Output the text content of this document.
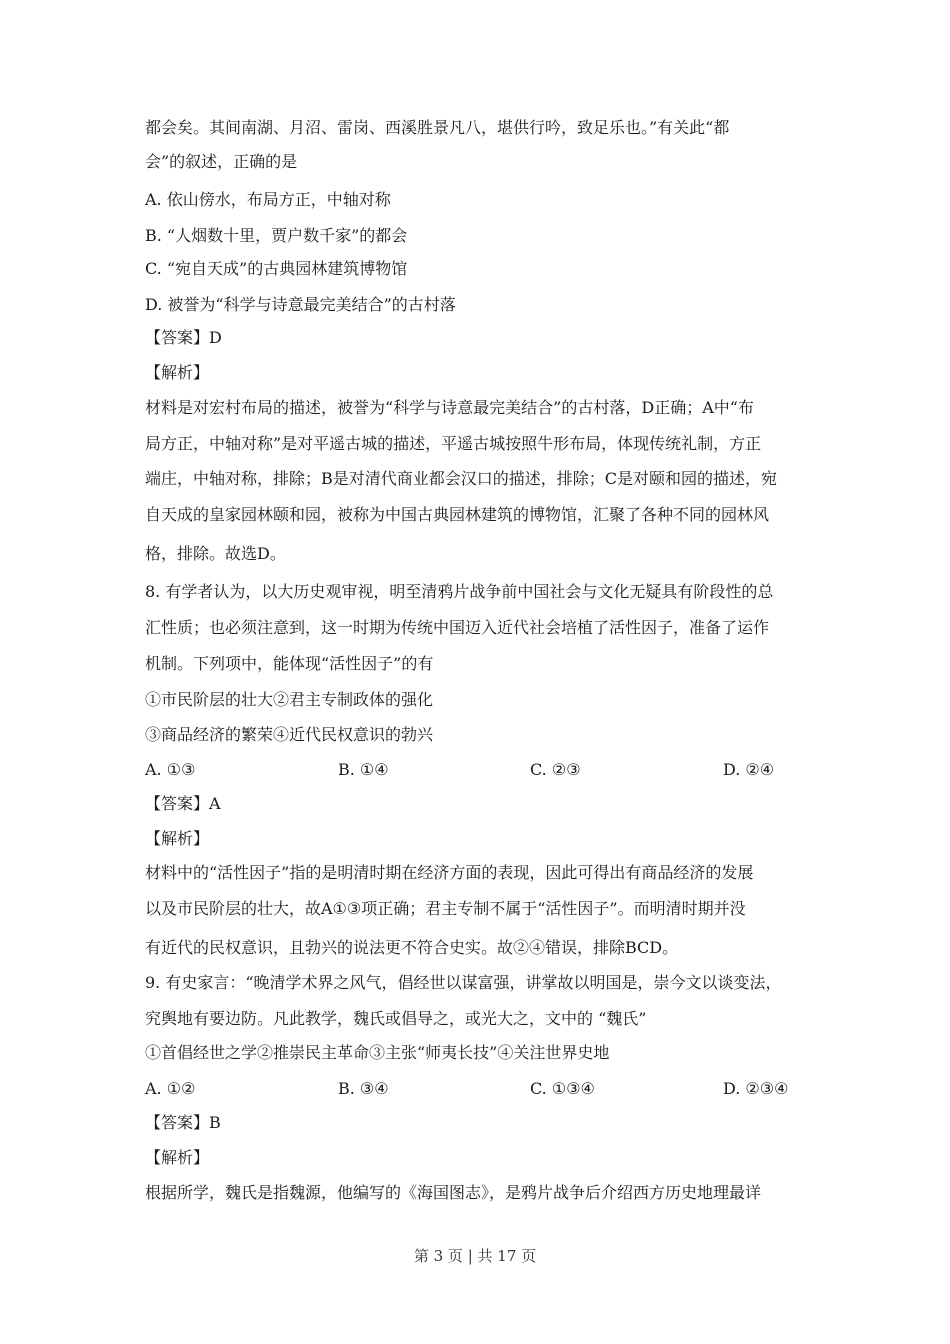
都会矣。其间南湖、月沼、雷岗、西溪胜景凡八，堪供行吟，致足乐也。”有关此“都
会”的叙述，正确的是
A. 依山傍水，布局方正，中轴对称
B. “人烟数十里，贾户数千家”的都会
C. “宛自天成”的古典园林建筑博物馆
D. 被誉为“科学与诗意最完美结合”的古村落
【答案】D
【解析】
材料是对宏村布局的描述，被誉为“科学与诗意最完美结合”的古村落，D正确；A中“布
局方正，中轴对称”是对平遥古城的描述，平遥古城按照牛形布局，体现传统礼制，方正
端庄，中轴对称，排除；B是对清代商业都会汉口的描述，排除；C是对颐和园的描述，宛
自天成的皇家园林颐和园，被称为中国古典园林建筑的博物馆，汇聚了各种不同的园林风
格，排除。故选D。
8. 有学者认为，以大历史观审视，明至清鸦片战争前中国社会与文化无疑具有阶段性的总
汇性质；也必须注意到，这一时期为传统中国迈入近代社会培植了活性因子，准备了运作
机制。下列项中，能体现“活性因子”的有
①市民阶层的壮大②君主专制政体的强化
③商品经济的繁荣④近代民权意识的勃兴
A. ①③	B. ①④	C. ②③	D. ②④
【答案】A
【解析】
材料中的“活性因子”指的是明清时期在经济方面的表现，因此可得出有商品经济的发展
以及市民阶层的壮大，故A①③项正确；君主专制不属于“活性因子”。而明清时期并没
有近代的民权意识，且勃兴的说法更不符合史实。故②④错误，排除BCD。
9. 有史家言：“晚清学术界之风气，倡经世以谋富强，讲掌故以明国是，崇今文以谈变法，
究舆地有要边防。凡此教学，魏氏或倡导之，或光大之，文中的 “魏氏”
①首倡经世之学②推崇民主革命③主张“师夷长技”④关注世界史地
A. ①②	B. ③④	C. ①③④	D. ②③④
【答案】B
【解析】
根据所学，魏氏是指魏源，他编写的《海国图志》，是鸦片战争后介绍西方历史地理最详
第 3 页 | 共 17 页
